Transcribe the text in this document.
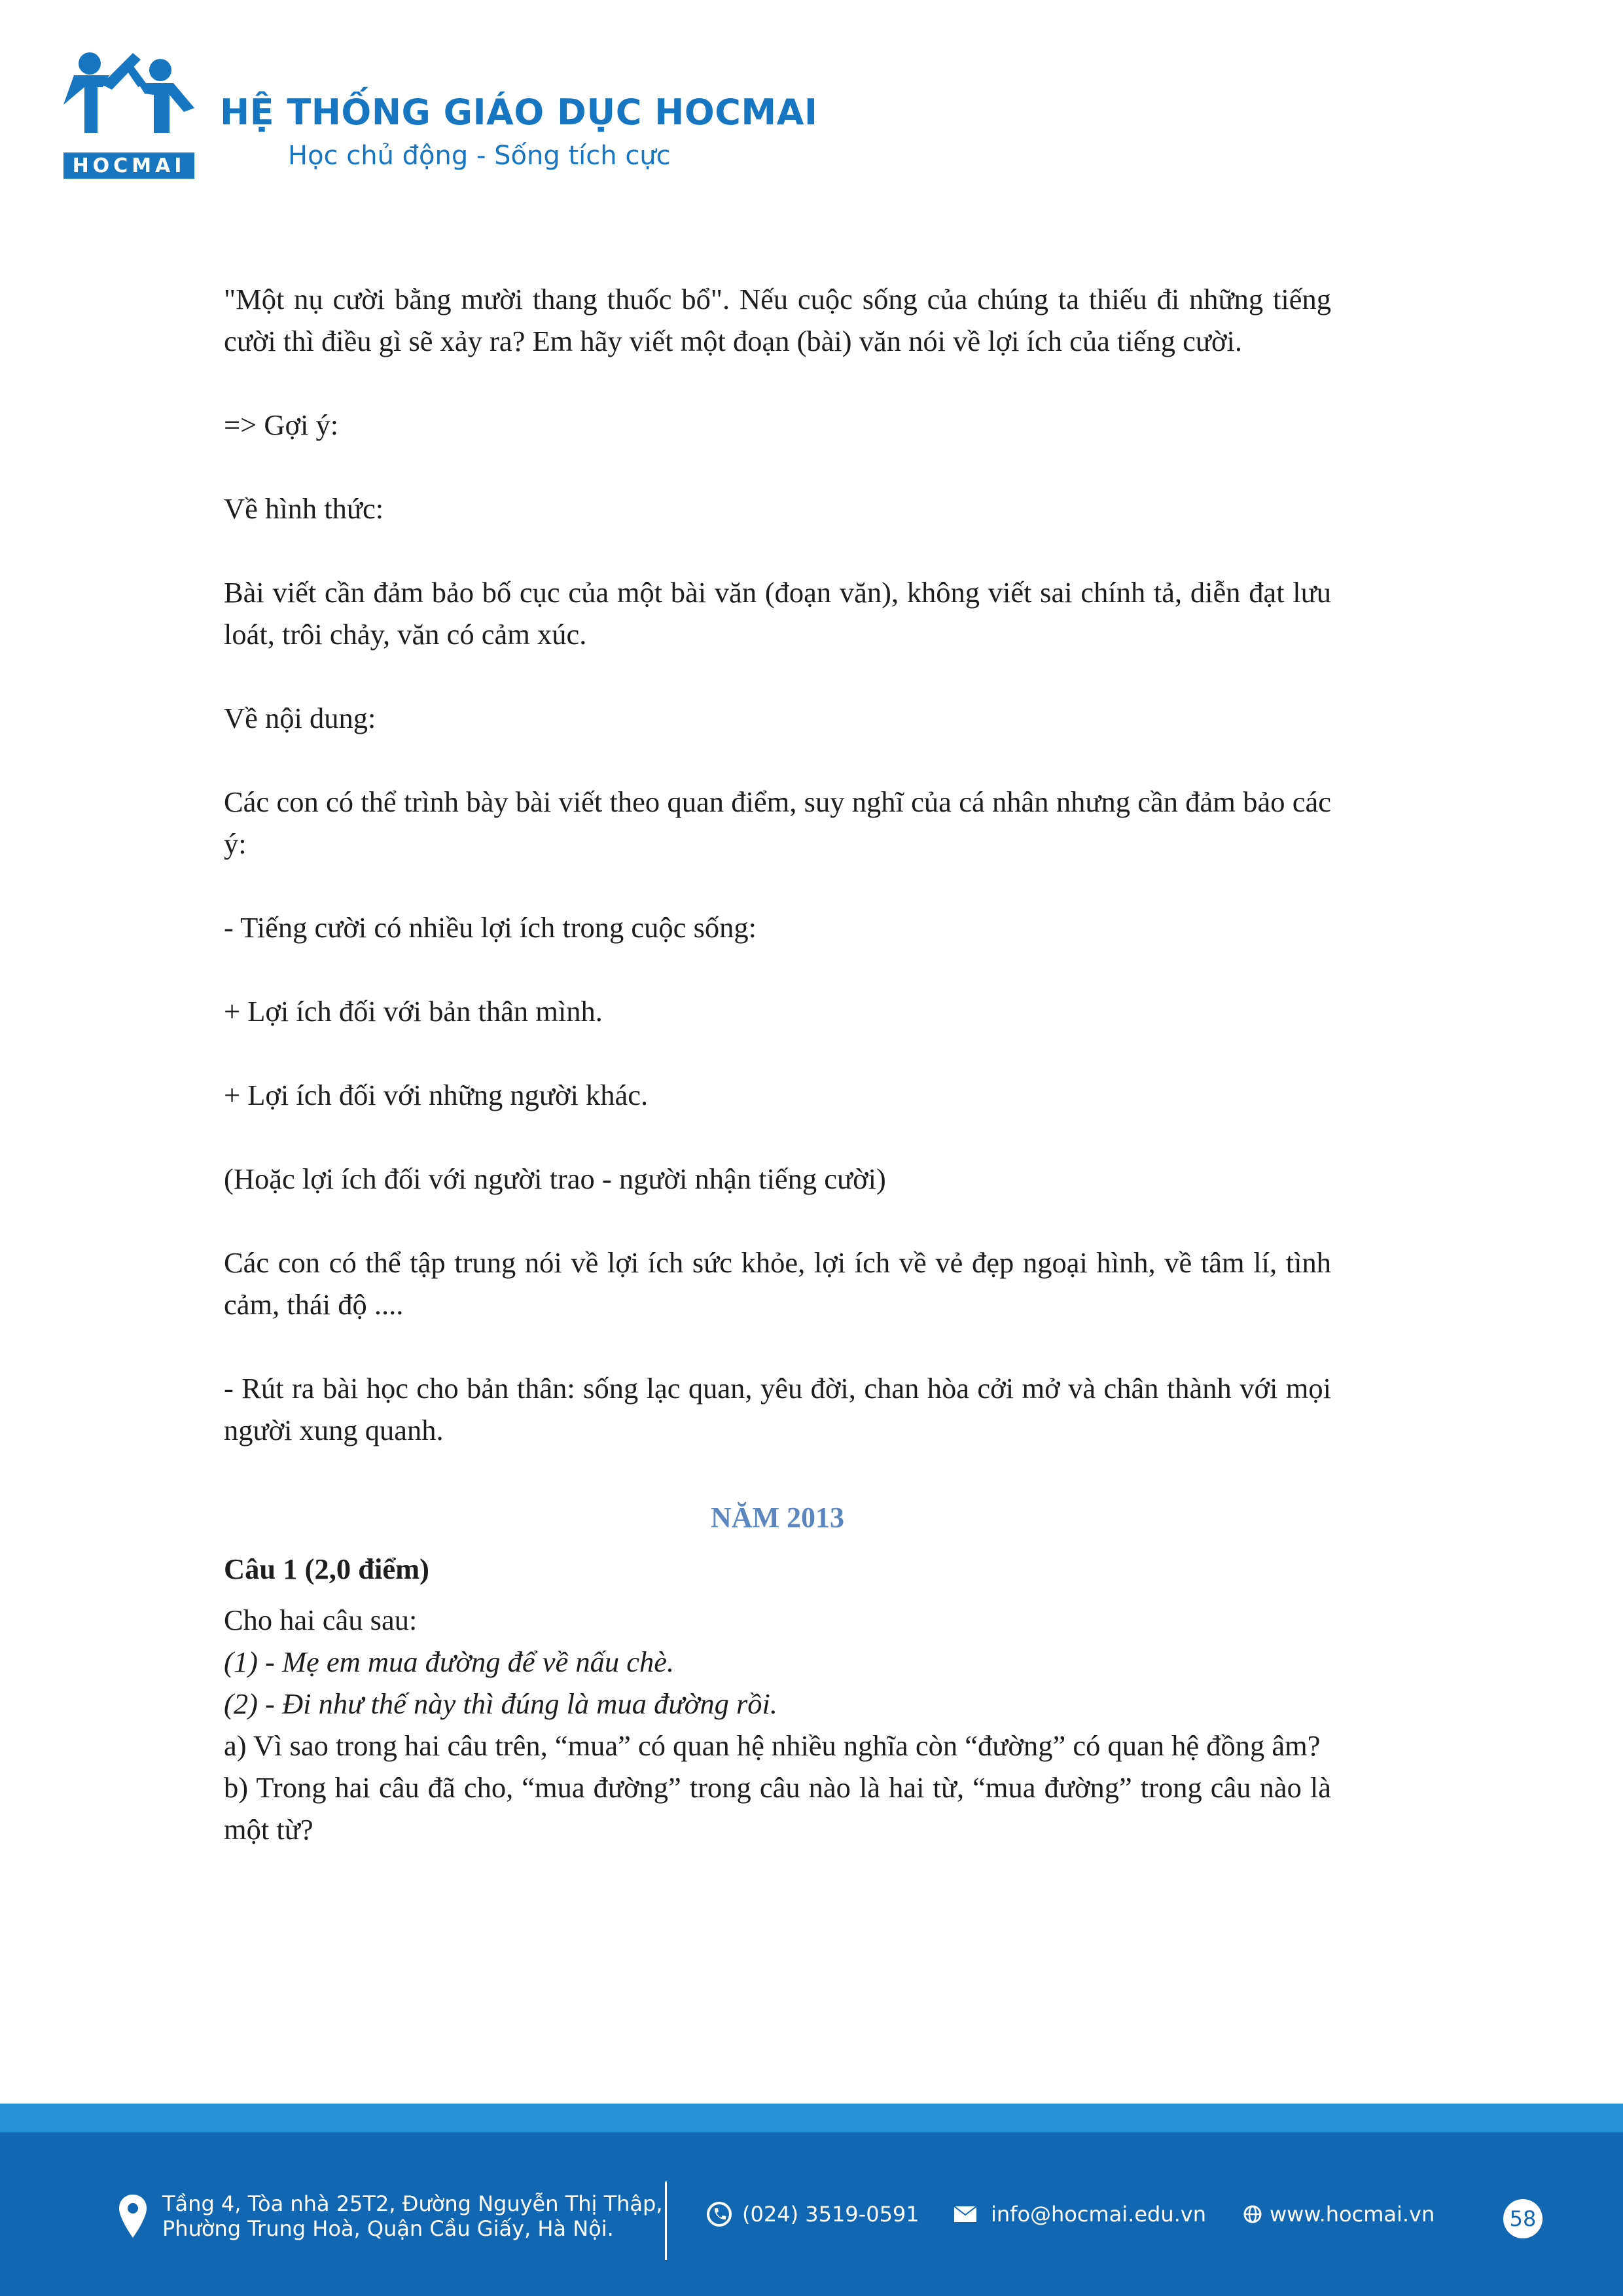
HOCMAI
HỆ THỐNG GIÁO DỤC HOCMAI
Học chủ động - Sống tích cực

"Một nụ cười bằng mười thang thuốc bổ". Nếu cuộc sống của chúng ta thiếu đi những tiếng cười thì điều gì sẽ xảy ra? Em hãy viết một đoạn (bài) văn nói về lợi ích của tiếng cười.

=> Gợi ý:

Về hình thức:

Bài viết cần đảm bảo bố cục của một bài văn (đoạn văn), không viết sai chính tả, diễn đạt lưu loát, trôi chảy, văn có cảm xúc.

Về nội dung:

Các con có thể trình bày bài viết theo quan điểm, suy nghĩ của cá nhân nhưng cần đảm bảo các ý:

- Tiếng cười có nhiều lợi ích trong cuộc sống:

+ Lợi ích đối với bản thân mình.

+ Lợi ích đối với những người khác.

(Hoặc lợi ích đối với người trao - người nhận tiếng cười)

Các con có thể tập trung nói về lợi ích sức khỏe, lợi ích về vẻ đẹp ngoại hình, về tâm lí, tình cảm, thái độ ....

- Rút ra bài học cho bản thân: sống lạc quan, yêu đời, chan hòa cởi mở và chân thành với mọi người xung quanh.

NĂM 2013

Câu 1 (2,0 điểm)

Cho hai câu sau:

(1) - Mẹ em mua đường để về nấu chè.

(2) - Đi như thế này thì đúng là mua đường rồi.

a) Vì sao trong hai câu trên, “mua” có quan hệ nhiều nghĩa còn “đường” có quan hệ đồng âm?

b) Trong hai câu đã cho, “mua đường” trong câu nào là hai từ, “mua đường” trong câu nào là một từ?

Tầng 4, Tòa nhà 25T2, Đường Nguyễn Thị Thập,
Phường Trung Hoà, Quận Cầu Giấy, Hà Nội.
(024) 3519-0591	info@hocmai.edu.vn	www.hocmai.vn	58
